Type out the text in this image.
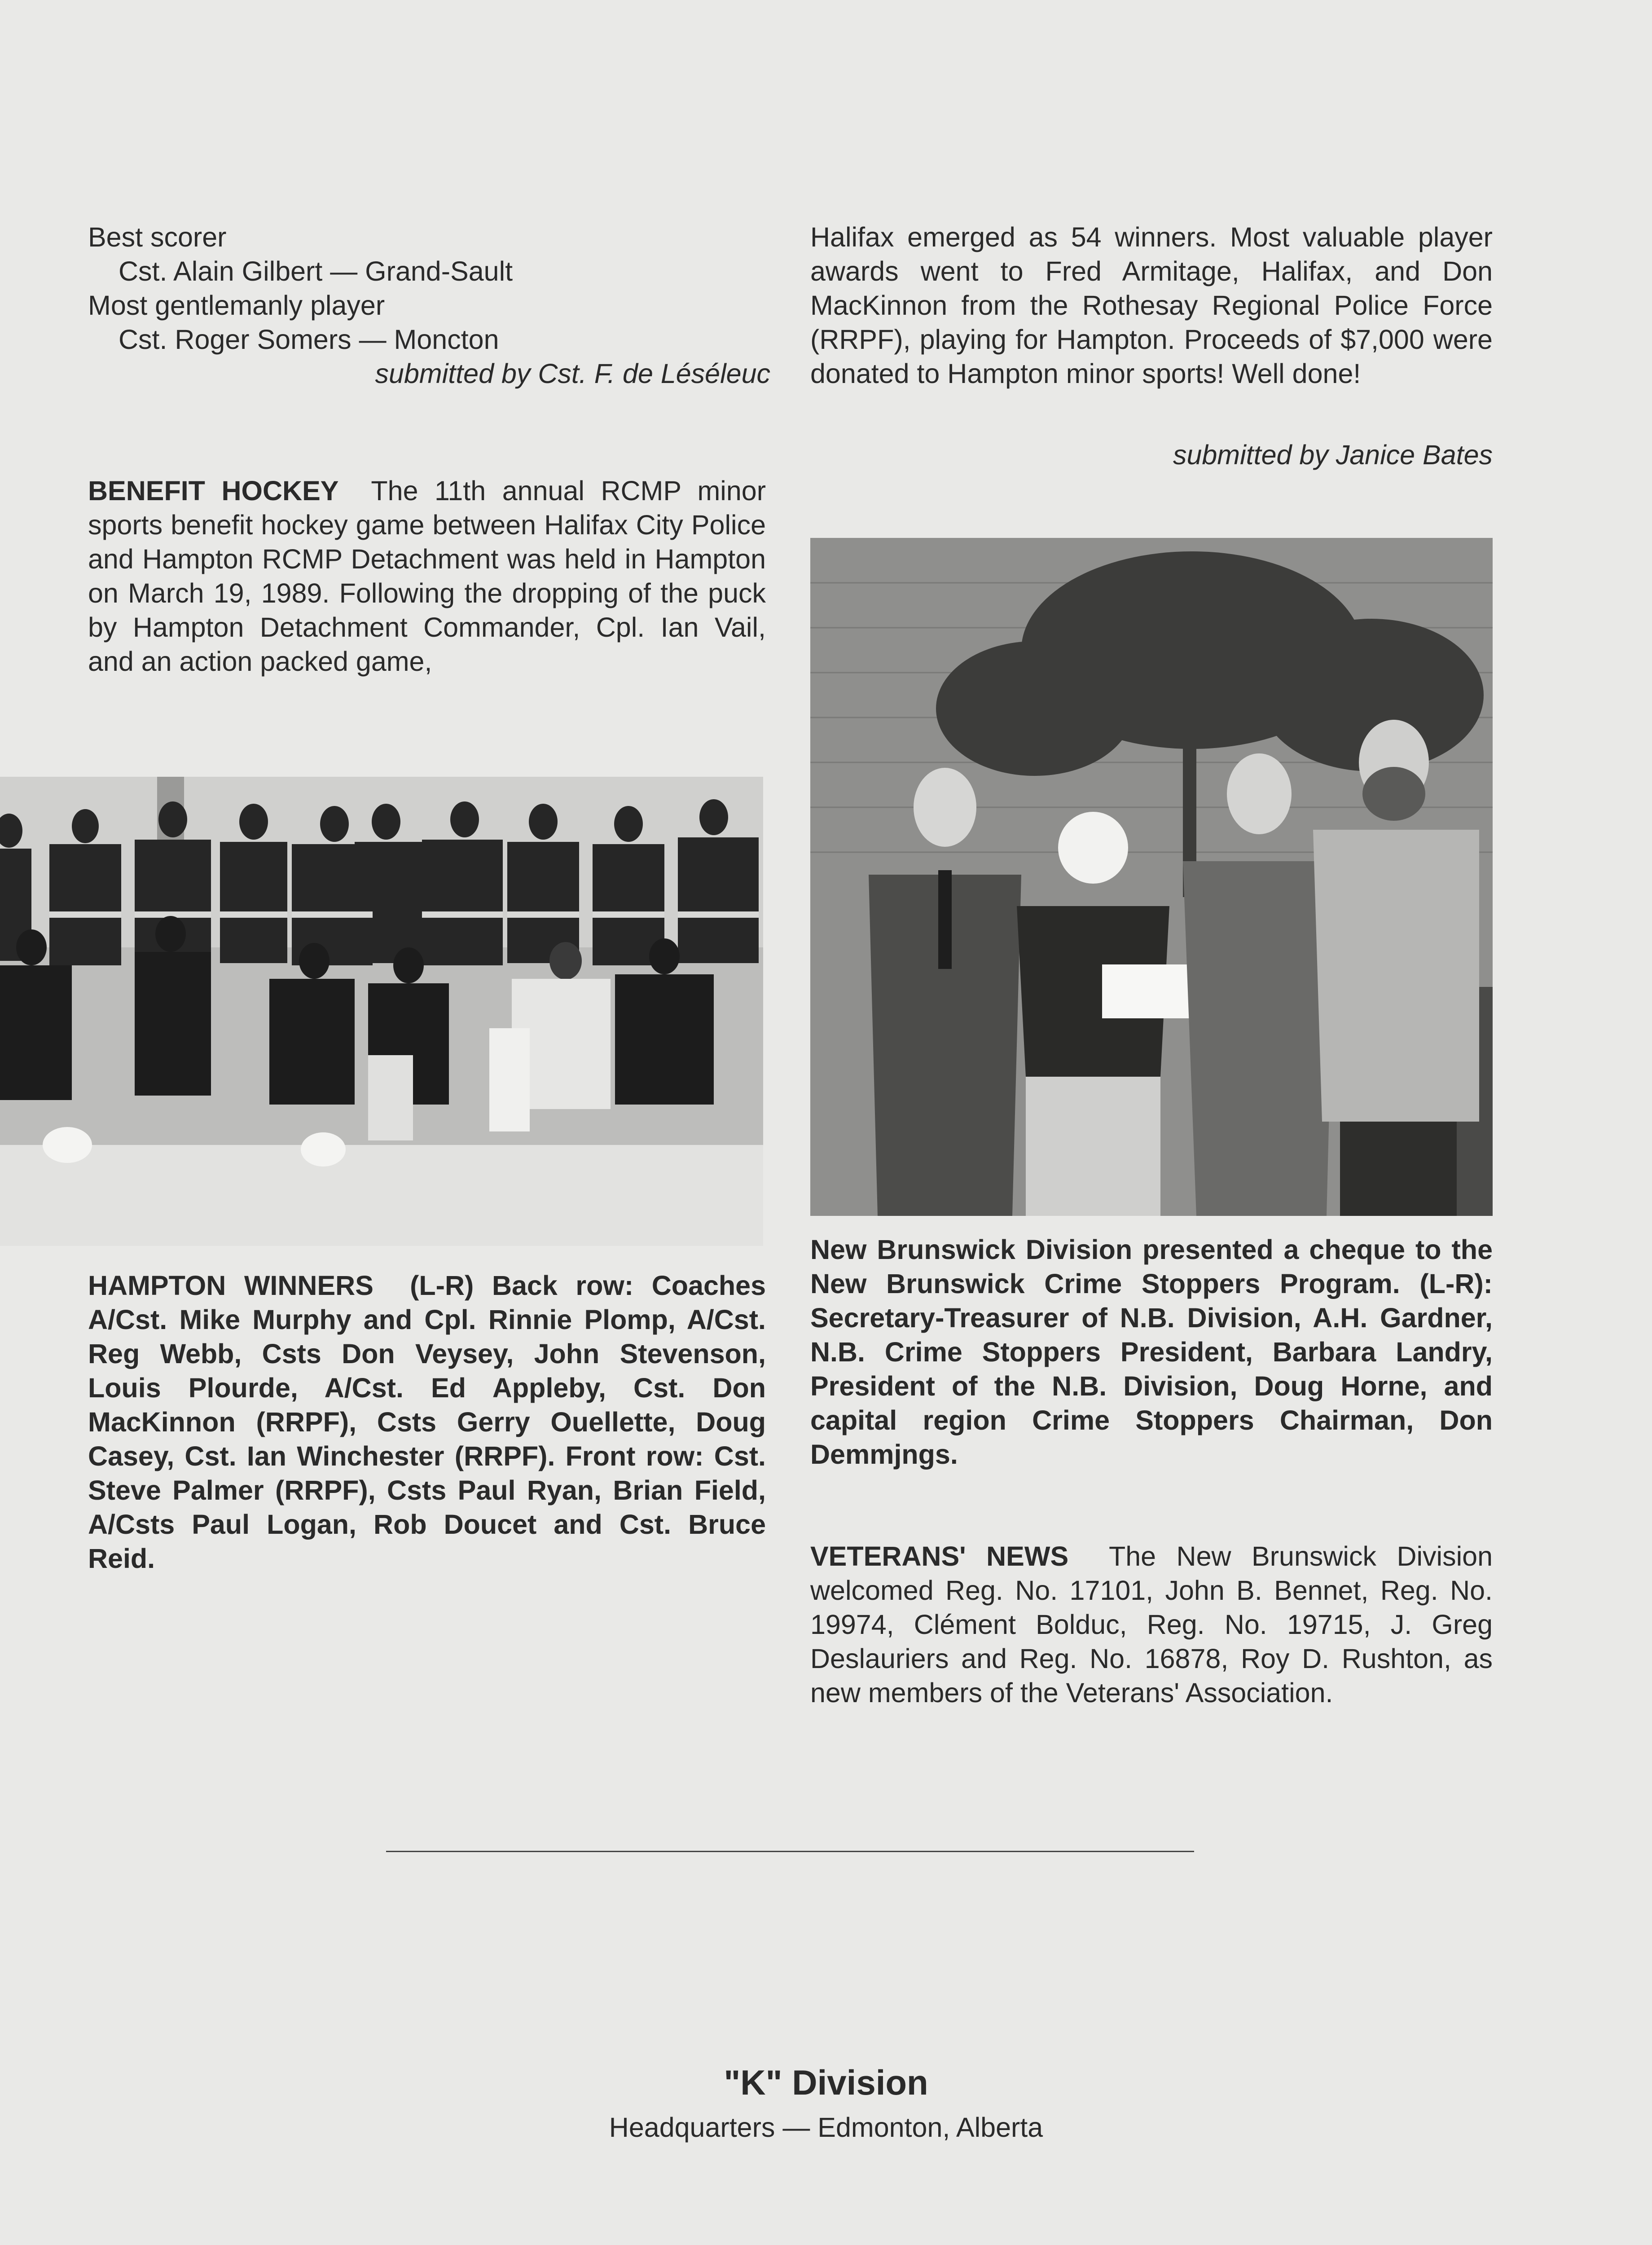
Best scorer
Cst. Alain Gilbert — Grand-Sault
Most gentlemanly player
Cst. Roger Somers — Moncton
submitted by Cst. F. de Léséleuc
BENEFIT HOCKEY The 11th annual RCMP minor sports benefit hockey game between Halifax City Police and Hampton RCMP Detachment was held in Hampton on March 19, 1989. Following the dropping of the puck by Hampton Detachment Commander, Cpl. Ian Vail, and an action packed game,
HAMPTON WINNERS (L-R) Back row: Coaches A/Cst. Mike Murphy and Cpl. Rinnie Plomp, A/Cst. Reg Webb, Csts Don Veysey, John Stevenson, Louis Plourde, A/Cst. Ed Appleby, Cst. Don MacKinnon (RRPF), Csts Gerry Ouellette, Doug Casey, Cst. Ian Winchester (RRPF). Front row: Cst. Steve Palmer (RRPF), Csts Paul Ryan, Brian Field, A/Csts Paul Logan, Rob Doucet and Cst. Bruce Reid.
Halifax emerged as 54 winners. Most valuable player awards went to Fred Armitage, Halifax, and Don MacKinnon from the Rothesay Regional Police Force (RRPF), playing for Hampton. Proceeds of $7,000 were donated to Hampton minor sports! Well done!
submitted by Janice Bates
New Brunswick Division presented a cheque to the New Brunswick Crime Stoppers Program. (L-R): Secretary-Treasurer of N.B. Division, A.H. Gardner, N.B. Crime Stoppers President, Barbara Landry, President of the N.B. Division, Doug Horne, and capital region Crime Stoppers Chairman, Don Demmjngs.
VETERANS' NEWS The New Brunswick Division welcomed Reg. No. 17101, John B. Bennet, Reg. No. 19974, Clément Bolduc, Reg. No. 19715, J. Greg Deslauriers and Reg. No. 16878, Roy D. Rushton, as new members of the Veterans' Association.
"K" Division
Headquarters — Edmonton, Alberta
